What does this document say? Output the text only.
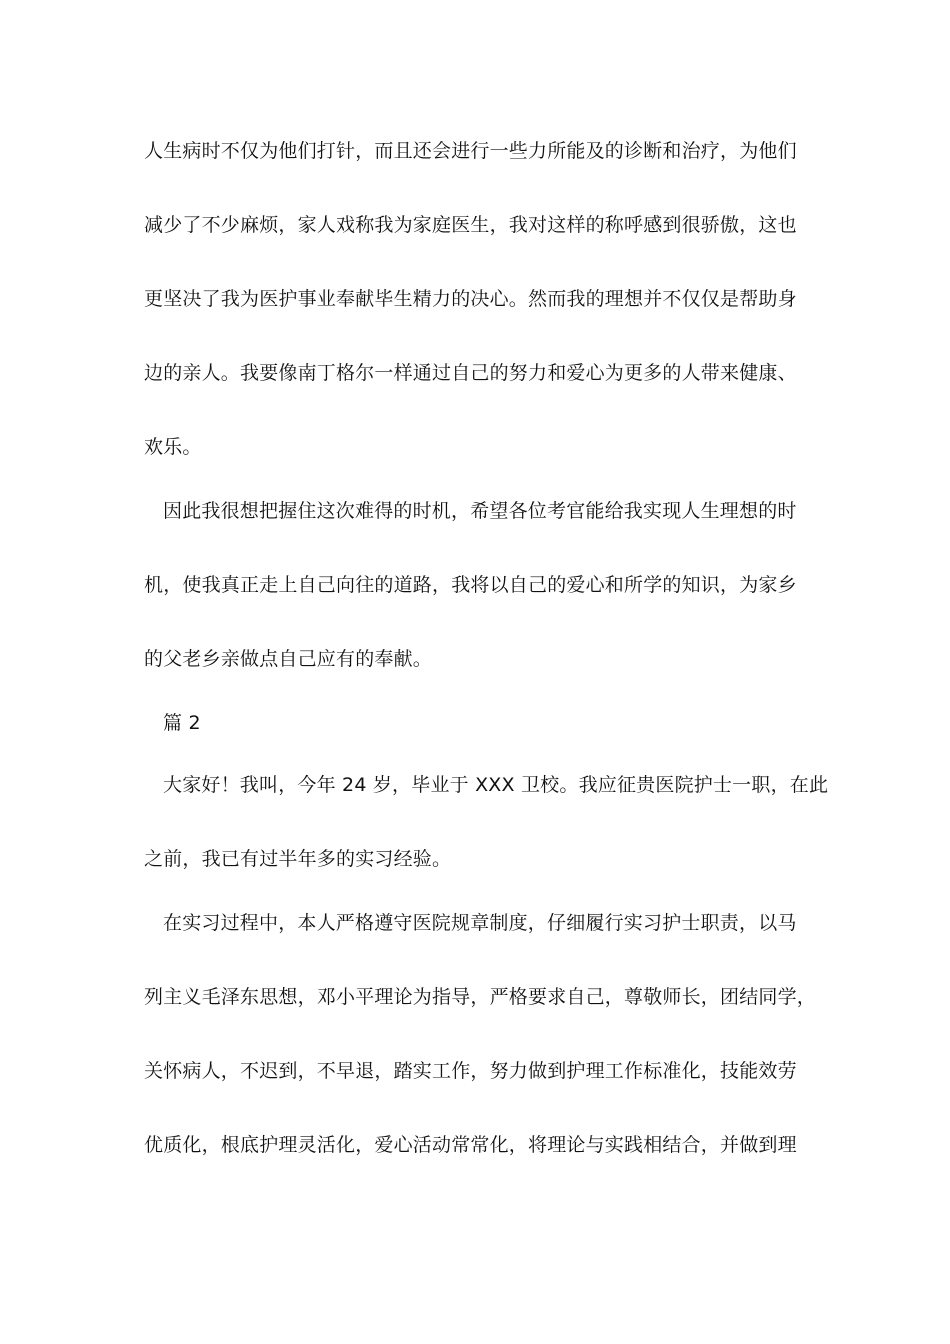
人生病时不仅为他们打针，而且还会进行一些力所能及的诊断和治疗，为他们

减少了不少麻烦，家人戏称我为家庭医生，我对这样的称呼感到很骄傲，这也

更坚决了我为医护事业奉献毕生精力的决心。然而我的理想并不仅仅是帮助身

边的亲人。我要像南丁格尔一样通过自己的努力和爱心为更多的人带来健康、

欢乐。

因此我很想把握住这次难得的时机，希望各位考官能给我实现人生理想的时

机，使我真正走上自己向往的道路，我将以自己的爱心和所学的知识，为家乡

的父老乡亲做点自己应有的奉献。

篇 2

大家好！我叫，今年 24 岁，毕业于 XXX 卫校。我应征贵医院护士一职，在此

之前，我已有过半年多的实习经验。

在实习过程中，本人严格遵守医院规章制度，仔细履行实习护士职责，以马

列主义毛泽东思想，邓小平理论为指导，严格要求自己，尊敬师长，团结同学，

关怀病人，不迟到，不早退，踏实工作，努力做到护理工作标准化，技能效劳

优质化，根底护理灵活化，爱心活动常常化，将理论与实践相结合，并做到理
